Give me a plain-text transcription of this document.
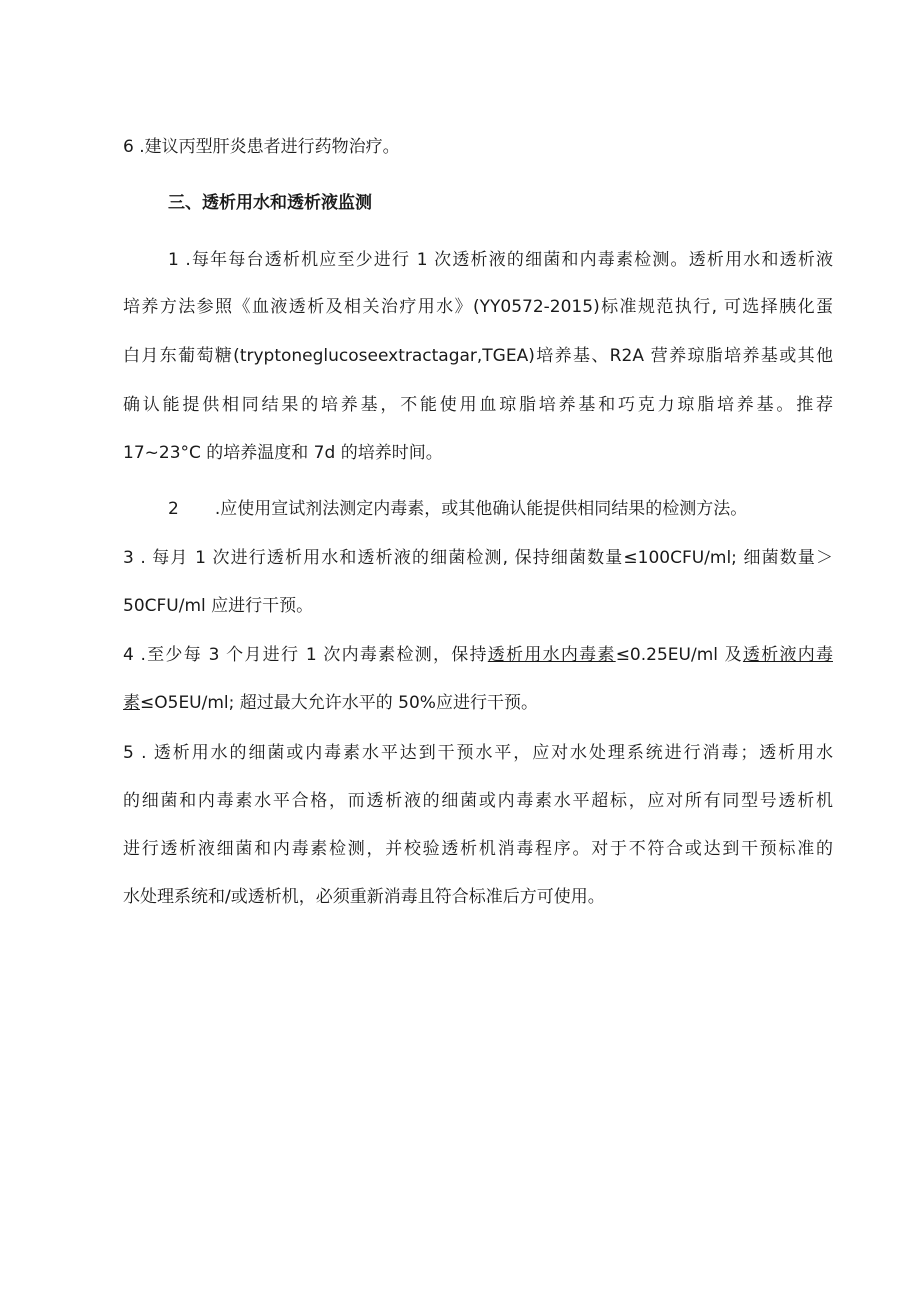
6 .建议丙型肝炎患者进行药物治疗。
三、透析用水和透析液监测
1 .每年每台透析机应至少进行 1 次透析液的细菌和内毒素检测。透析用水和透析液
培养方法参照《血液透析及相关治疗用水》(YY0572-2015)标准规范执行, 可选择胰化蛋
白月东葡萄糖(tryptoneglucoseextractagar,TGEA)培养基、R2A 营养琼脂培养基或其他
确认能提供相同结果的培养基，不能使用血琼脂培养基和巧克力琼脂培养基。推荐
17~23°C 的培养温度和 7d 的培养时间。
2 .应使用宣试剂法测定内毒素，或其他确认能提供相同结果的检测方法。
3 . 每月 1 次进行透析用水和透析液的细菌检测, 保持细菌数量≤100CFU∕ml; 细菌数量＞
50CFU/ml 应进行干预。
4 .至少每 3 个月进行 1 次内毒素检测，保持透析用水内毒素≤0.25EU∕ml 及透析液内毒
素≤O5EU∕ml; 超过最大允许水平的 50%应进行干预。
5 . 透析用水的细菌或内毒素水平达到干预水平，应对水处理系统进行消毒；透析用水
的细菌和内毒素水平合格，而透析液的细菌或内毒素水平超标，应对所有同型号透析机
进行透析液细菌和内毒素检测，并校验透析机消毒程序。对于不符合或达到干预标准的
水处理系统和∕或透析机，必须重新消毒且符合标准后方可使用。
